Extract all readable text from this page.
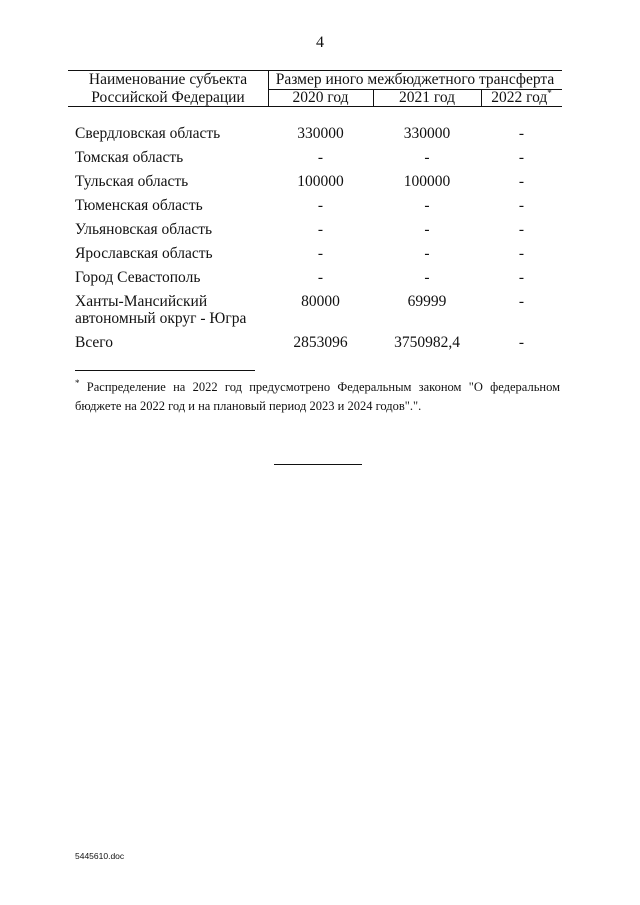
4
Наименование субъекта
Российской Федерации
Размер иного межбюджетного трансферта
2020 год	2021 год	2022 год*
Свердловская область	330000	330000	-
Томская область	-	-	-
Тульская область	100000	100000	-
Тюменская область	-	-	-
Ульяновская область	-	-	-
Ярославская область	-	-	-
Город Севастополь	-	-	-
Ханты-Мансийский
автономный округ - Югра
80000	69999	-
Всего	2853096	3750982,4	-
* Распределение на 2022 год предусмотрено Федеральным законом "О федеральном бюджете на 2022 год и на плановый период 2023 и 2024 годов".".
5445610.doc
